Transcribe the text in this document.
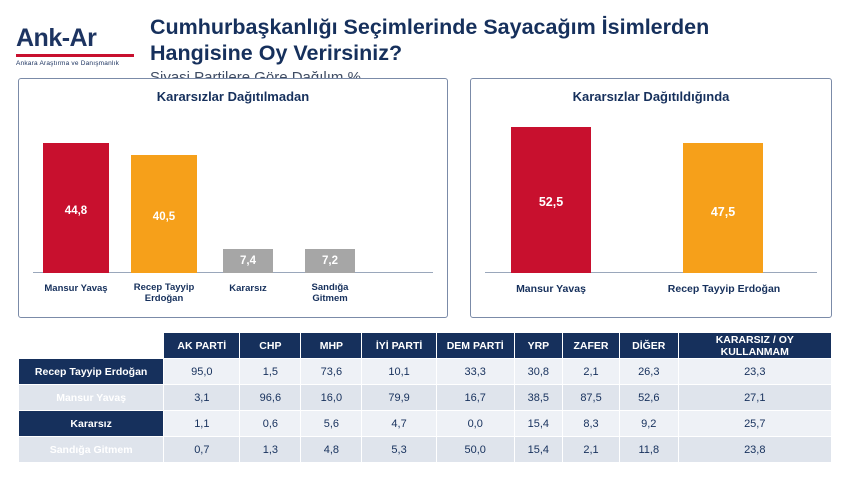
Ank-Ar
Ankara Araştırma ve Danışmanlık
Cumhurbaşkanlığı Seçimlerinde Sayacağım İsimlerden Hangisine Oy Verirsiniz?
Kararsızlar Dağıtılmadan
44,8
Mansur Yavaş
40,5
Recep Tayyip Erdoğan
7,4
Kararsız
7,2
Sandığa Gitmem
Kararsızlar Dağıtıldığında
52,5
Mansur Yavaş
47,5
Recep Tayyip Erdoğan
	AK PARTİ	CHP	MHP	İYİ PARTİ	DEM PARTİ	YRP	ZAFER	DİĞER	KARARSIZ / OY KULLANMAM
Recep Tayyip Erdoğan	95,0	1,5	73,6	10,1	33,3	30,8	2,1	26,3	23,3
Mansur Yavaş	3,1	96,6	16,0	79,9	16,7	38,5	87,5	52,6	27,1
Kararsız	1,1	0,6	5,6	4,7	0,0	15,4	8,3	9,2	25,7
Sandığa Gitmem	0,7	1,3	4,8	5,3	50,0	15,4	2,1	11,8	23,8
